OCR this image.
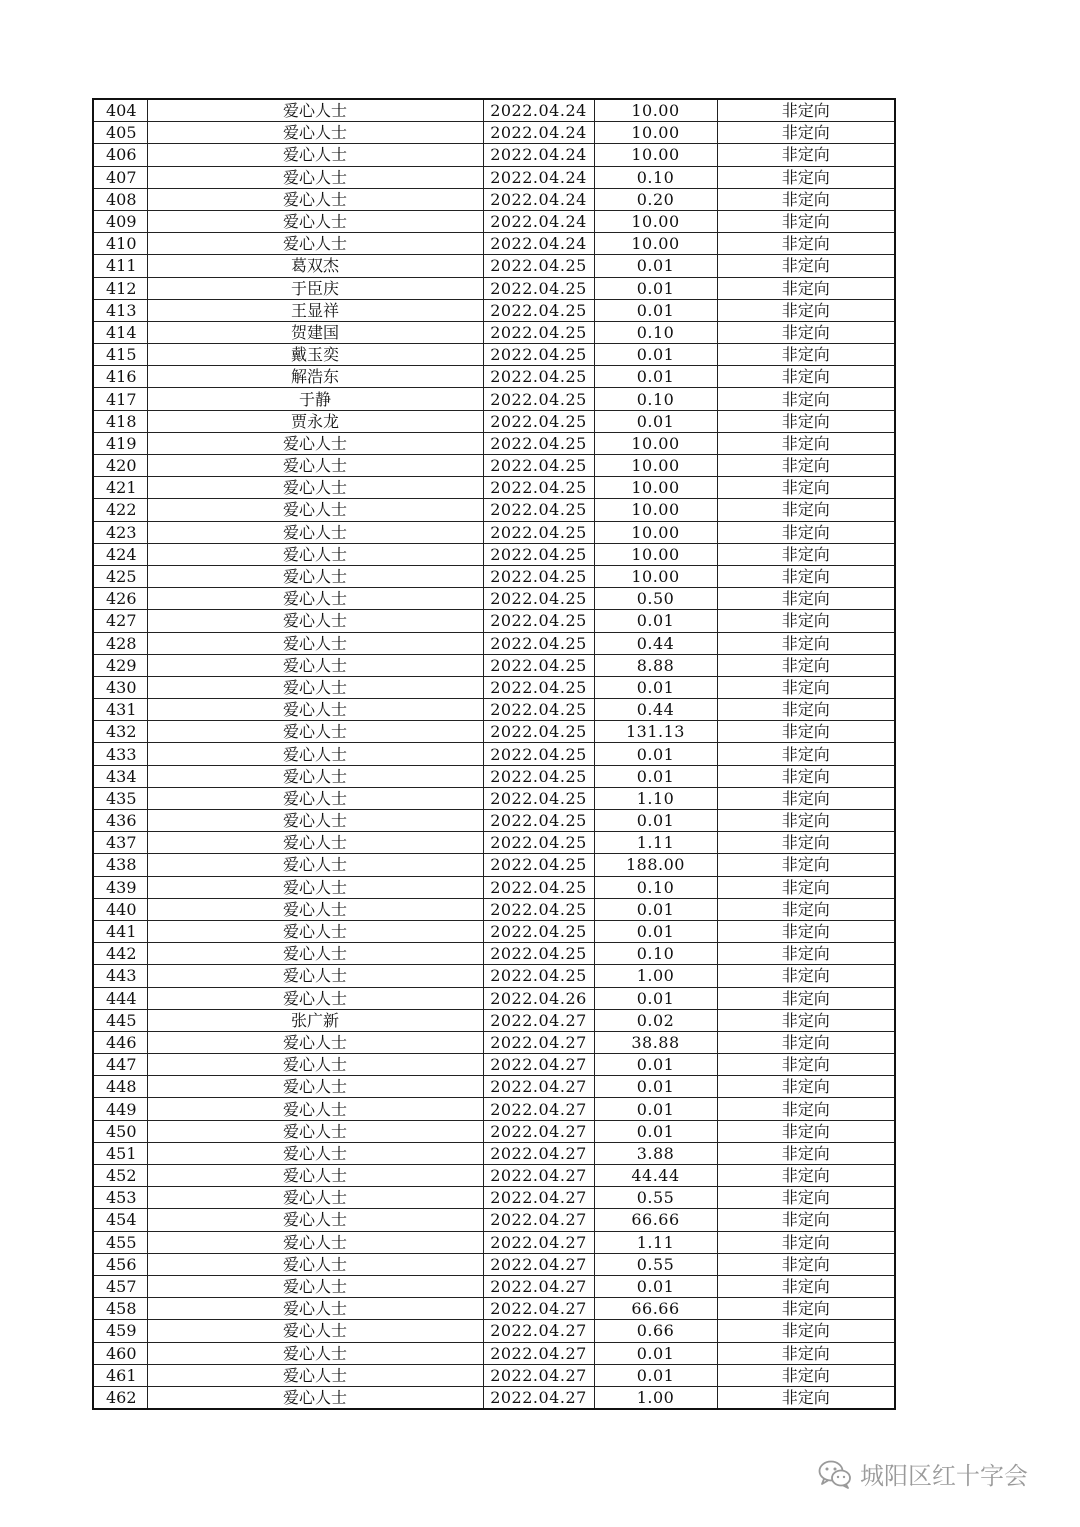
404	爱心人士	2022.04.24	10.00	非定向
405	爱心人士	2022.04.24	10.00	非定向
406	爱心人士	2022.04.24	10.00	非定向
407	爱心人士	2022.04.24	0.10	非定向
408	爱心人士	2022.04.24	0.20	非定向
409	爱心人士	2022.04.24	10.00	非定向
410	爱心人士	2022.04.24	10.00	非定向
411	葛双杰	2022.04.25	0.01	非定向
412	于臣庆	2022.04.25	0.01	非定向
413	王显祥	2022.04.25	0.01	非定向
414	贺建国	2022.04.25	0.10	非定向
415	戴玉奕	2022.04.25	0.01	非定向
416	解浩东	2022.04.25	0.01	非定向
417	于静	2022.04.25	0.10	非定向
418	贾永龙	2022.04.25	0.01	非定向
419	爱心人士	2022.04.25	10.00	非定向
420	爱心人士	2022.04.25	10.00	非定向
421	爱心人士	2022.04.25	10.00	非定向
422	爱心人士	2022.04.25	10.00	非定向
423	爱心人士	2022.04.25	10.00	非定向
424	爱心人士	2022.04.25	10.00	非定向
425	爱心人士	2022.04.25	10.00	非定向
426	爱心人士	2022.04.25	0.50	非定向
427	爱心人士	2022.04.25	0.01	非定向
428	爱心人士	2022.04.25	0.44	非定向
429	爱心人士	2022.04.25	8.88	非定向
430	爱心人士	2022.04.25	0.01	非定向
431	爱心人士	2022.04.25	0.44	非定向
432	爱心人士	2022.04.25	131.13	非定向
433	爱心人士	2022.04.25	0.01	非定向
434	爱心人士	2022.04.25	0.01	非定向
435	爱心人士	2022.04.25	1.10	非定向
436	爱心人士	2022.04.25	0.01	非定向
437	爱心人士	2022.04.25	1.11	非定向
438	爱心人士	2022.04.25	188.00	非定向
439	爱心人士	2022.04.25	0.10	非定向
440	爱心人士	2022.04.25	0.01	非定向
441	爱心人士	2022.04.25	0.01	非定向
442	爱心人士	2022.04.25	0.10	非定向
443	爱心人士	2022.04.25	1.00	非定向
444	爱心人士	2022.04.26	0.01	非定向
445	张广新	2022.04.27	0.02	非定向
446	爱心人士	2022.04.27	38.88	非定向
447	爱心人士	2022.04.27	0.01	非定向
448	爱心人士	2022.04.27	0.01	非定向
449	爱心人士	2022.04.27	0.01	非定向
450	爱心人士	2022.04.27	0.01	非定向
451	爱心人士	2022.04.27	3.88	非定向
452	爱心人士	2022.04.27	44.44	非定向
453	爱心人士	2022.04.27	0.55	非定向
454	爱心人士	2022.04.27	66.66	非定向
455	爱心人士	2022.04.27	1.11	非定向
456	爱心人士	2022.04.27	0.55	非定向
457	爱心人士	2022.04.27	0.01	非定向
458	爱心人士	2022.04.27	66.66	非定向
459	爱心人士	2022.04.27	0.66	非定向
460	爱心人士	2022.04.27	0.01	非定向
461	爱心人士	2022.04.27	0.01	非定向
462	爱心人士	2022.04.27	1.00	非定向
城阳区红十字会
